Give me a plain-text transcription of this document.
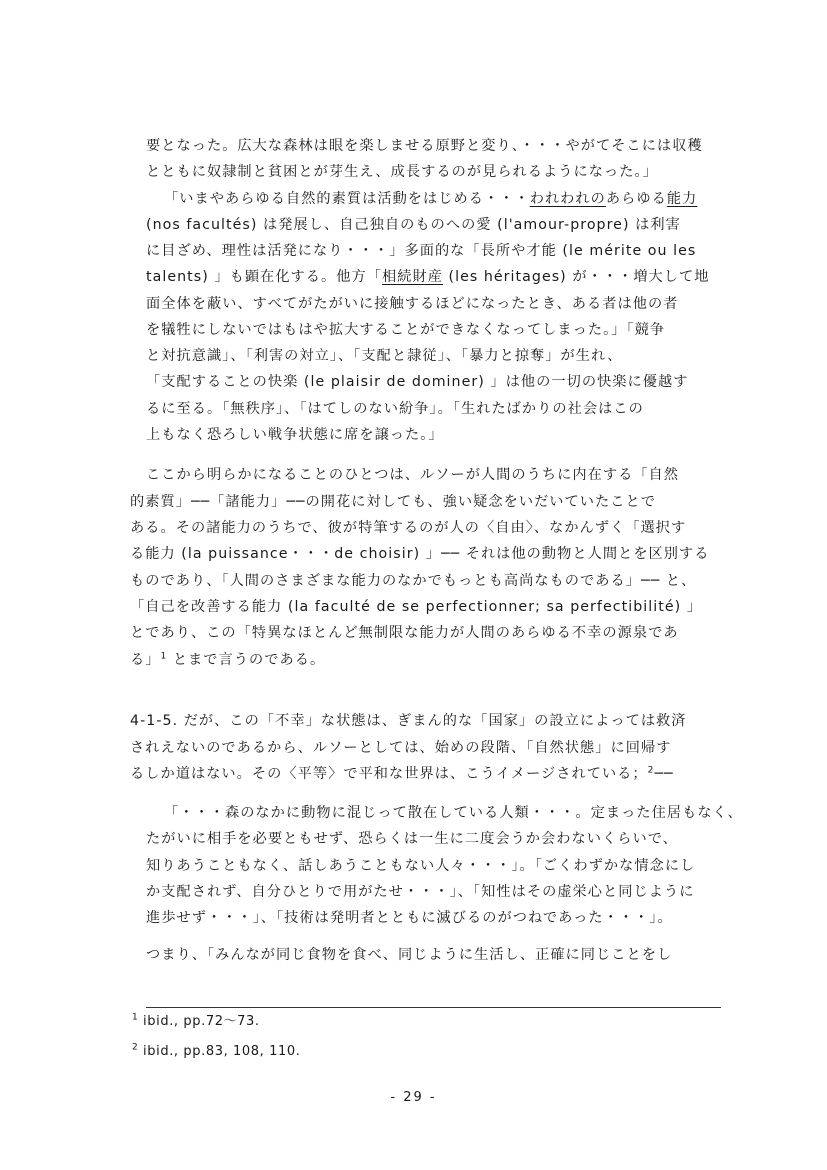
要となった。広大な森林は眼を楽しませる原野と変り、・・・やがてそこには収穫
とともに奴隷制と貧困とが芽生え、成長するのが見られるようになった。」
「いまやあらゆる自然的素質は活動をはじめる・・・われわれのあらゆる能力
(nos facultés) は発展し、自己独自のものへの愛 (l'amour-propre) は利害
に目ざめ、理性は活発になり・・・」多面的な「長所や才能 (le mérite ou les
talents) 」も顕在化する。他方「相続財産 (les héritages) が・・・増大して地
面全体を蔽い、すべてがたがいに接触するほどになったとき、ある者は他の者
を犠牲にしないではもはや拡大することができなくなってしまった。」「競争
と対抗意識」、「利害の対立」、「支配と隷従」、「暴力と掠奪」が生れ、
「支配することの快楽 (le plaisir de dominer) 」は他の一切の快楽に優越す
るに至る。「無秩序」、「はてしのない紛争」。「生れたばかりの社会はこの
上もなく恐ろしい戦争状態に席を譲った。」
ここから明らかになることのひとつは、ルソーが人間のうちに内在する「自然
的素質」──「諸能力」──の開花に対しても、強い疑念をいだいていたことで
ある。その諸能力のうちで、彼が特筆するのが人の〈自由〉、なかんずく「選択す
る能力 (la puissance・・・de choisir) 」── それは他の動物と人間とを区別する
ものであり、「人間のさまざまな能力のなかでもっとも高尚なものである」── と、
「自己を改善する能力 (la faculté de se perfectionner; sa perfectibilité) 」
とであり、この「特異なほとんど無制限な能力が人間のあらゆる不幸の源泉であ
る」$^1$ とまで言うのである。
4-1-5. だが、この「不幸」な状態は、ぎまん的な「国家」の設立によっては救済
されえないのであるから、ルソーとしては、始めの段階、「自然状態」に回帰す
るしか道はない。その〈平等〉で平和な世界は、こうイメージされている；$^2$──
「・・・森のなかに動物に混じって散在している人類・・・。定まった住居もなく、
たがいに相手を必要ともせず、恐らくは一生に二度会うか会わないくらいで、
知りあうこともなく、話しあうこともない人々・・・」。「ごくわずかな情念にし
か支配されず、自分ひとりで用がたせ・・・」、「知性はその虚栄心と同じように
進歩せず・・・」、「技術は発明者とともに滅びるのがつねであった・・・」。
つまり、「みんなが同じ食物を食べ、同じように生活し、正確に同じことをし
$^1$ ibid., pp.72〜73.
$^2$ ibid., pp.83, 108, 110.
- 29 -
